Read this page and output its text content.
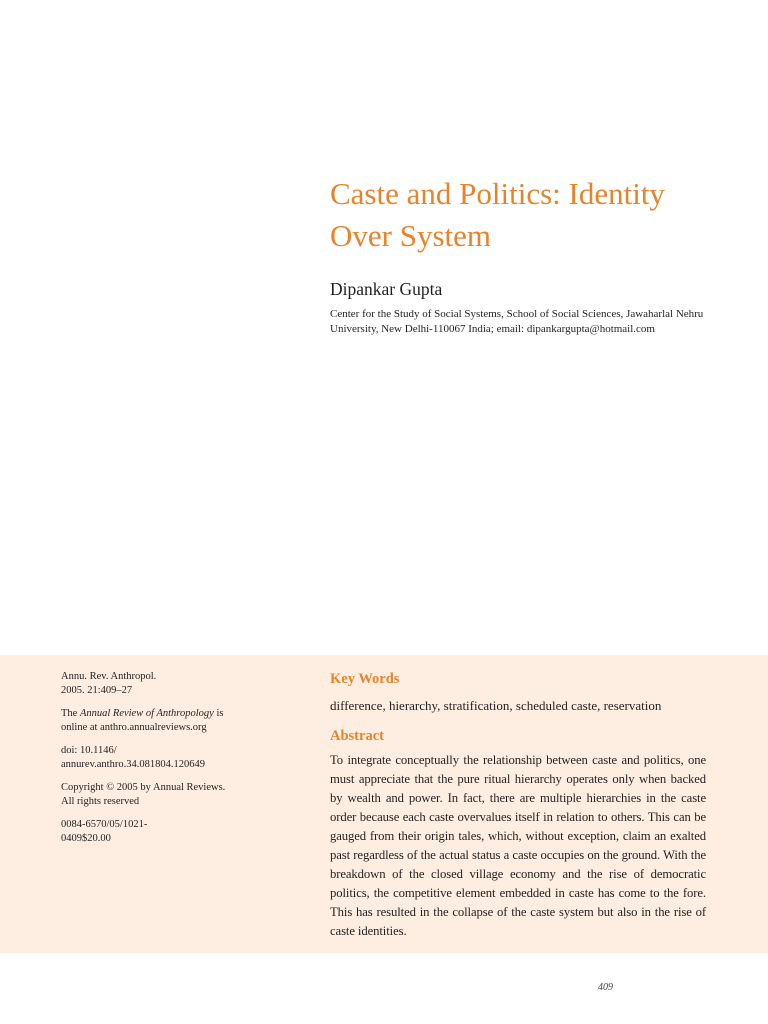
Caste and Politics: Identity Over System
Dipankar Gupta
Center for the Study of Social Systems, School of Social Sciences, Jawaharlal Nehru University, New Delhi-110067 India; email: dipankargupta@hotmail.com

Annu. Rev. Anthropol.
2005. 21:409–27

The Annual Review of Anthropology is online at anthro.annualreviews.org

doi: 10.1146/
annurev.anthro.34.081804.120649

Copyright © 2005 by Annual Reviews. All rights reserved

0084-6570/05/1021-
0409$20.00

Key Words
difference, hierarchy, stratification, scheduled caste, reservation
Abstract

To integrate conceptually the relationship between caste and politics, one must appreciate that the pure ritual hierarchy operates only when backed by wealth and power. In fact, there are multiple hierarchies in the caste order because each caste overvalues itself in relation to others. This can be gauged from their origin tales, which, without exception, claim an exalted past regardless of the actual status a caste occupies on the ground. With the breakdown of the closed village economy and the rise of democratic politics, the competitive element embedded in caste has come to the fore. This has resulted in the collapse of the caste system but also in the rise of caste identities.

409
